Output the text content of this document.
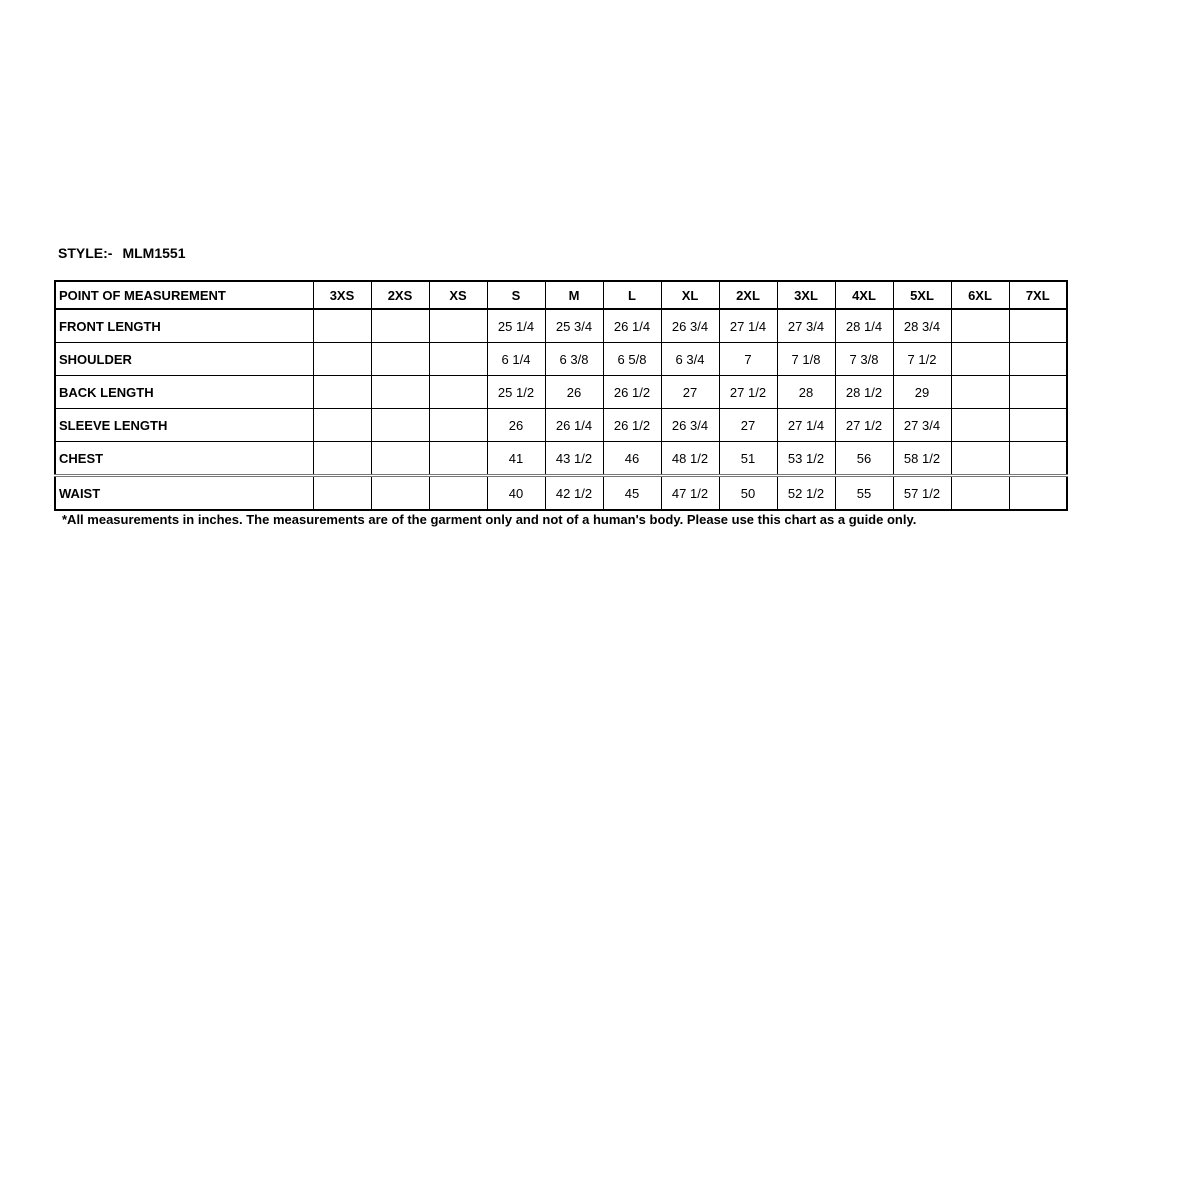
STYLE:- MLM1551
POINT OF MEASUREMENT	3XS	2XS	XS	S	M	L	XL	2XL	3XL	4XL	5XL	6XL	7XL
FRONT LENGTH				25 1/4	25 3/4	26 1/4	26 3/4	27 1/4	27 3/4	28 1/4	28 3/4		
SHOULDER				6 1/4	6 3/8	6 5/8	6 3/4	7	7 1/8	7 3/8	7 1/2		
BACK LENGTH				25 1/2	26	26 1/2	27	27 1/2	28	28 1/2	29		
SLEEVE LENGTH				26	26 1/4	26 1/2	26 3/4	27	27 1/4	27 1/2	27 3/4		
CHEST				41	43 1/2	46	48 1/2	51	53 1/2	56	58 1/2		
WAIST				40	42 1/2	45	47 1/2	50	52 1/2	55	57 1/2		
*All measurements in inches. The measurements are of the garment only and not of a human's body. Please use this chart as a guide only.
